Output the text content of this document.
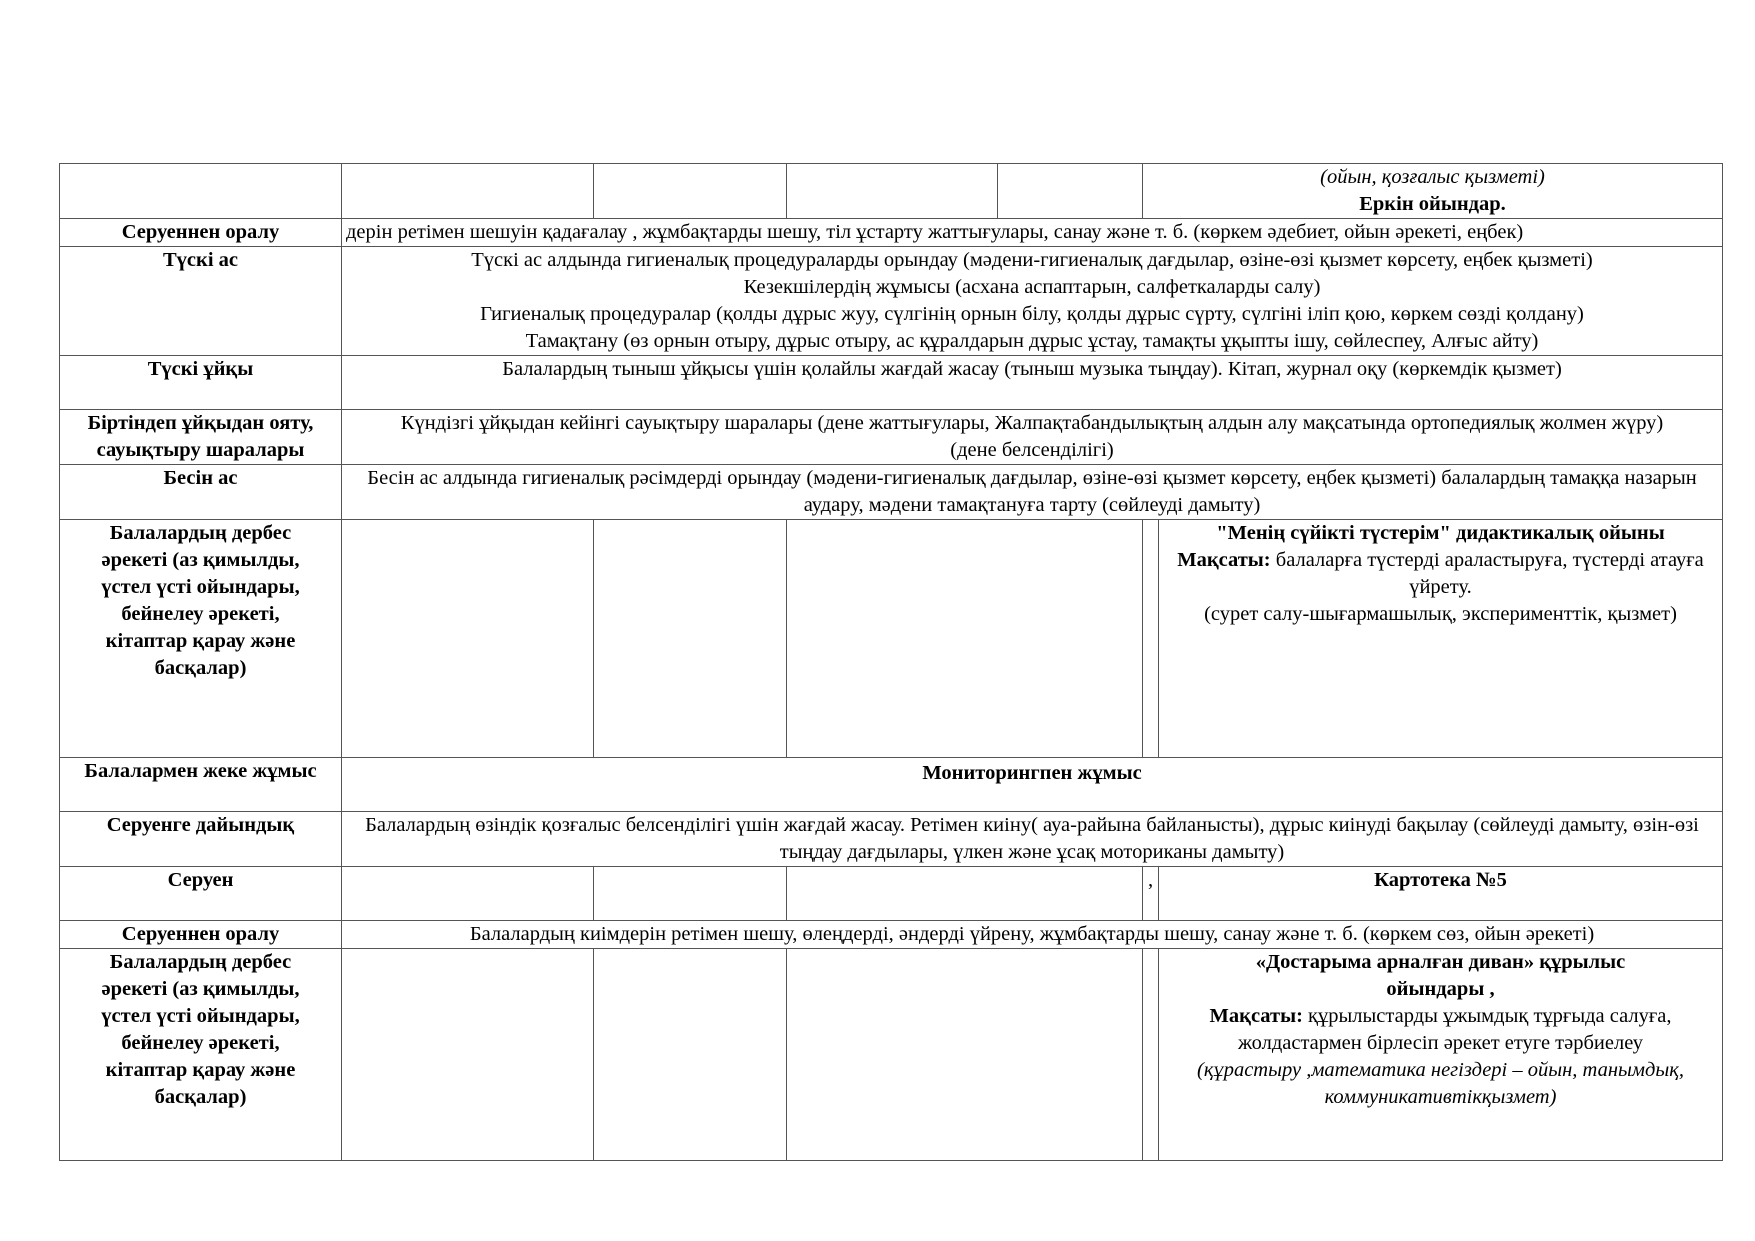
					(ойын, қозғалыс қызметі)
Еркін ойындар.	

Серуеннен оралу	дерін ретімен шешуін қадағалау , жұмбақтарды шешу, тіл ұстарту жаттығулары, санау және т. б. (көркем әдебиет, ойын әрекеті, еңбек)					
Түскі ас	Түскі ас алдында гигиеналық процедураларды орындау (мәдени-гигиеналық дағдылар, өзіне-өзі қызмет көрсету, еңбек қызметі)
Кезекшілердің жұмысы (асхана аспаптарын, салфеткаларды салу)
Гигиеналық процедуралар (қолды дұрыс жуу, сүлгінің орнын білу, қолды дұрыс сүрту, сүлгіні іліп қою, көркем сөзді қолдану)
Тамақтану (өз орнын отыру, дұрыс отыру, ас құралдарын дұрыс ұстау, тамақты ұқыпты ішу, сөйлеспеу, Алғыс айту)					

Түскі ұйқы	Балалардың тыныш ұйқысы үшін қолайлы жағдай жасау (тыныш музыка тыңдау). Кітап, журнал оқу (көркемдік қызмет)					
Біртіндеп ұйқыдан ояту, сауықтыру шаралары	Күндізгі ұйқыдан кейінгі сауықтыру шаралары (дене жаттығулары, Жалпақтабандылықтың алдын алу мақсатында ортопедиялық жолмен жүру) (дене белсенділігі)					
Бесін ас	Бесін ас алдында гигиеналық рәсімдерді орындау (мәдени-гигиеналық дағдылар, өзіне-өзі қызмет көрсету, еңбек қызметі) балалардың тамаққа назарын аудару, мәдени тамақтануға тарту (сөйлеуді дамыту)					
Балалардың дербес әрекеті (аз қимылды, үстел үсті ойындары, бейнелеу әрекеті, кітаптар қарау және басқалар)						"Менің сүйікті түстерім" дидактикалық ойыны
Мақсаты: балаларға түстерді араластыруға, түстерді атауға үйрету.
(сурет салу-шығармашылық, эксперименттік, қызмет)

Балалармен жеке жұмыс	Мониторингпен жұмыс					
Серуенге дайындық	Балалардың өзіндік қозғалыс белсенділігі үшін жағдай жасау. Ретімен киіну( ауа-райына байланысты), дұрыс киінуді бақылау (сөйлеуді дамыту, өзін-өзі тыңдау дағдылары, үлкен және ұсақ моториканы дамыту)					
Серуен					,	Картотека №5
Серуеннен оралу	Балалардың киімдерін ретімен шешу, өлеңдерді, әндерді үйрену, жұмбақтарды шешу, санау және т. б. (көркем сөз, ойын әрекеті)					
Балалардың дербес әрекеті (аз қимылды, үстел үсті ойындары, бейнелеу әрекеті, кітаптар қарау және басқалар)						«Достарыма арналған диван» құрылыс ойындары ,
Мақсаты: құрылыстарды ұжымдық тұрғыда салуға, жолдастармен бірлесіп әрекет етуге тәрбиелеу
(құрастыру ,математика негіздері – ойын, танымдық, коммуникативтікқызмет)
